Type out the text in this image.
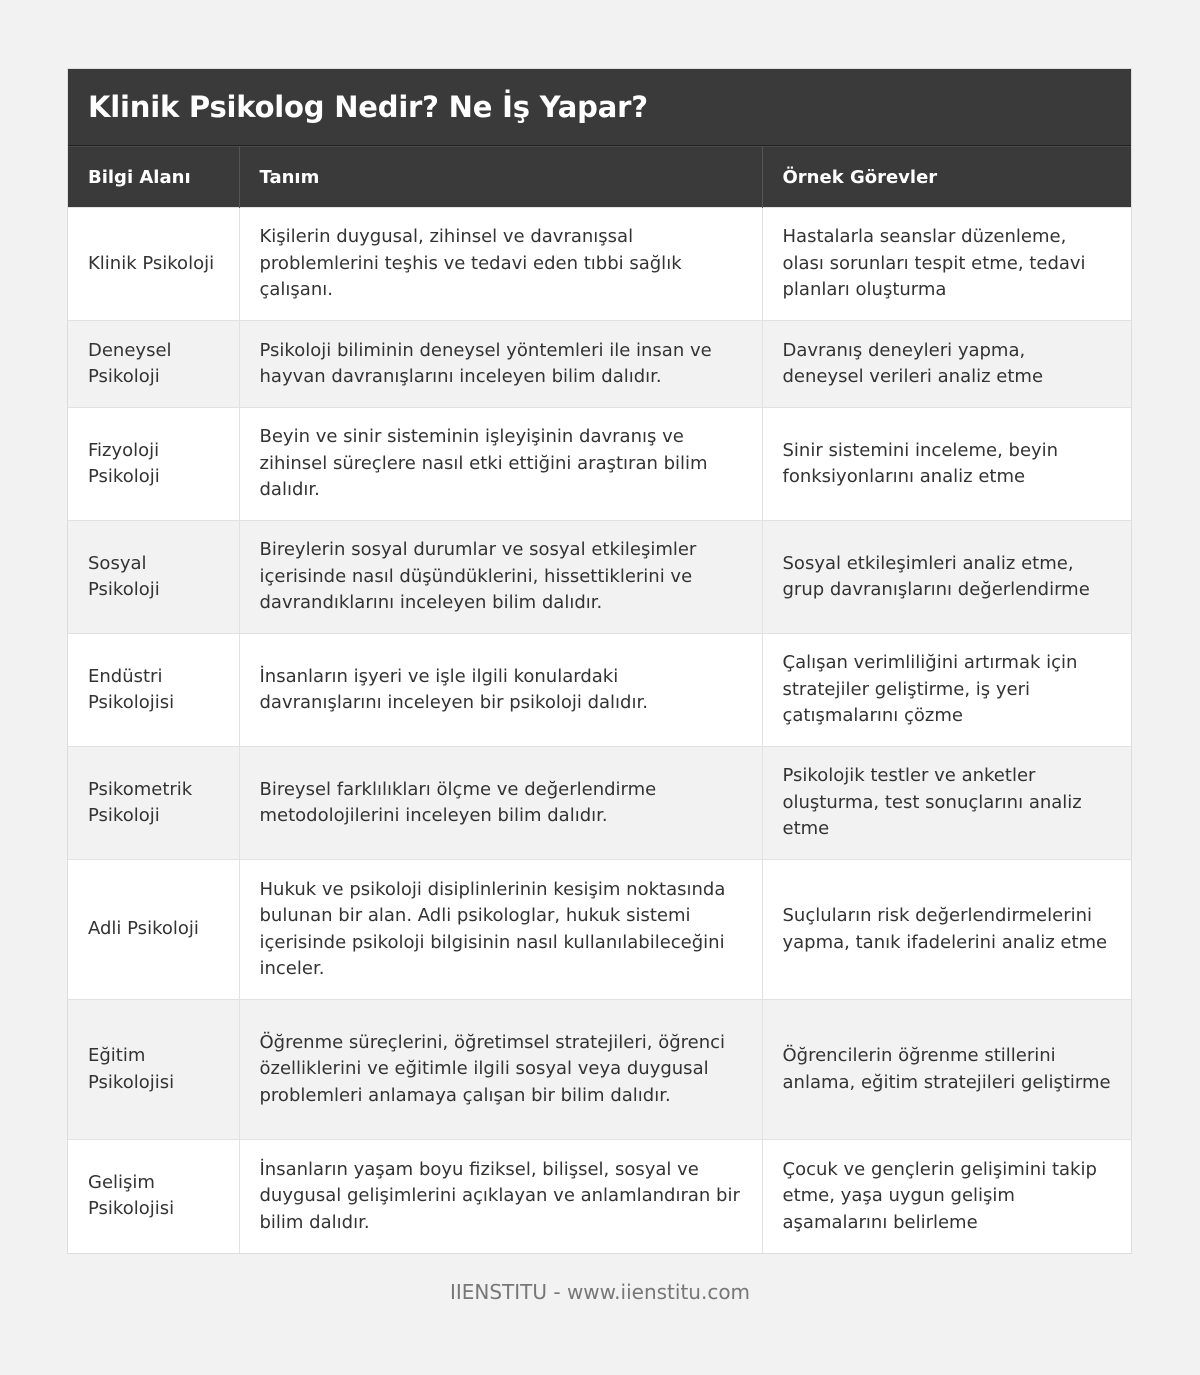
Klinik Psikolog Nedir? Ne İş Yapar?
Bilgi Alanı	Tanım	Örnek Görevler
Klinik Psikoloji	Kişilerin duygusal, zihinsel ve davranışsal problemlerini teşhis ve tedavi eden tıbbi sağlık çalışanı.	Hastalarla seanslar düzenleme, olası sorunları tespit etme, tedavi planları oluşturma
Deneysel Psikoloji	Psikoloji biliminin deneysel yöntemleri ile insan ve hayvan davranışlarını inceleyen bilim dalıdır.	Davranış deneyleri yapma, deneysel verileri analiz etme
Fizyoloji Psikoloji	Beyin ve sinir sisteminin işleyişinin davranış ve zihinsel süreçlere nasıl etki ettiğini araştıran bilim dalıdır.	Sinir sistemini inceleme, beyin fonksiyonlarını analiz etme
Sosyal Psikoloji	Bireylerin sosyal durumlar ve sosyal etkileşimler içerisinde nasıl düşündüklerini, hissettiklerini ve davrandıklarını inceleyen bilim dalıdır.	Sosyal etkileşimleri analiz etme, grup davranışlarını değerlendirme
Endüstri Psikolojisi	İnsanların işyeri ve işle ilgili konulardaki davranışlarını inceleyen bir psikoloji dalıdır.	Çalışan verimliliğini artırmak için stratejiler geliştirme, iş yeri çatışmalarını çözme
Psikometrik Psikoloji	Bireysel farklılıkları ölçme ve değerlendirme metodolojilerini inceleyen bilim dalıdır.	Psikolojik testler ve anketler oluşturma, test sonuçlarını analiz etme
Adli Psikoloji	Hukuk ve psikoloji disiplinlerinin kesişim noktasında bulunan bir alan. Adli psikologlar, hukuk sistemi içerisinde psikoloji bilgisinin nasıl kullanılabileceğini inceler.	Suçluların risk değerlendirmelerini yapma, tanık ifadelerini analiz etme
Eğitim Psikolojisi	Öğrenme süreçlerini, öğretimsel stratejileri, öğrenci özelliklerini ve eğitimle ilgili sosyal veya duygusal problemleri anlamaya çalışan bir bilim dalıdır.	Öğrencilerin öğrenme stillerini anlama, eğitim stratejileri geliştirme
Gelişim Psikolojisi	İnsanların yaşam boyu fiziksel, bilişsel, sosyal ve duygusal gelişimlerini açıklayan ve anlamlandıran bir bilim dalıdır.	Çocuk ve gençlerin gelişimini takip etme, yaşa uygun gelişim aşamalarını belirleme
IIENSTITU - www.iienstitu.com
